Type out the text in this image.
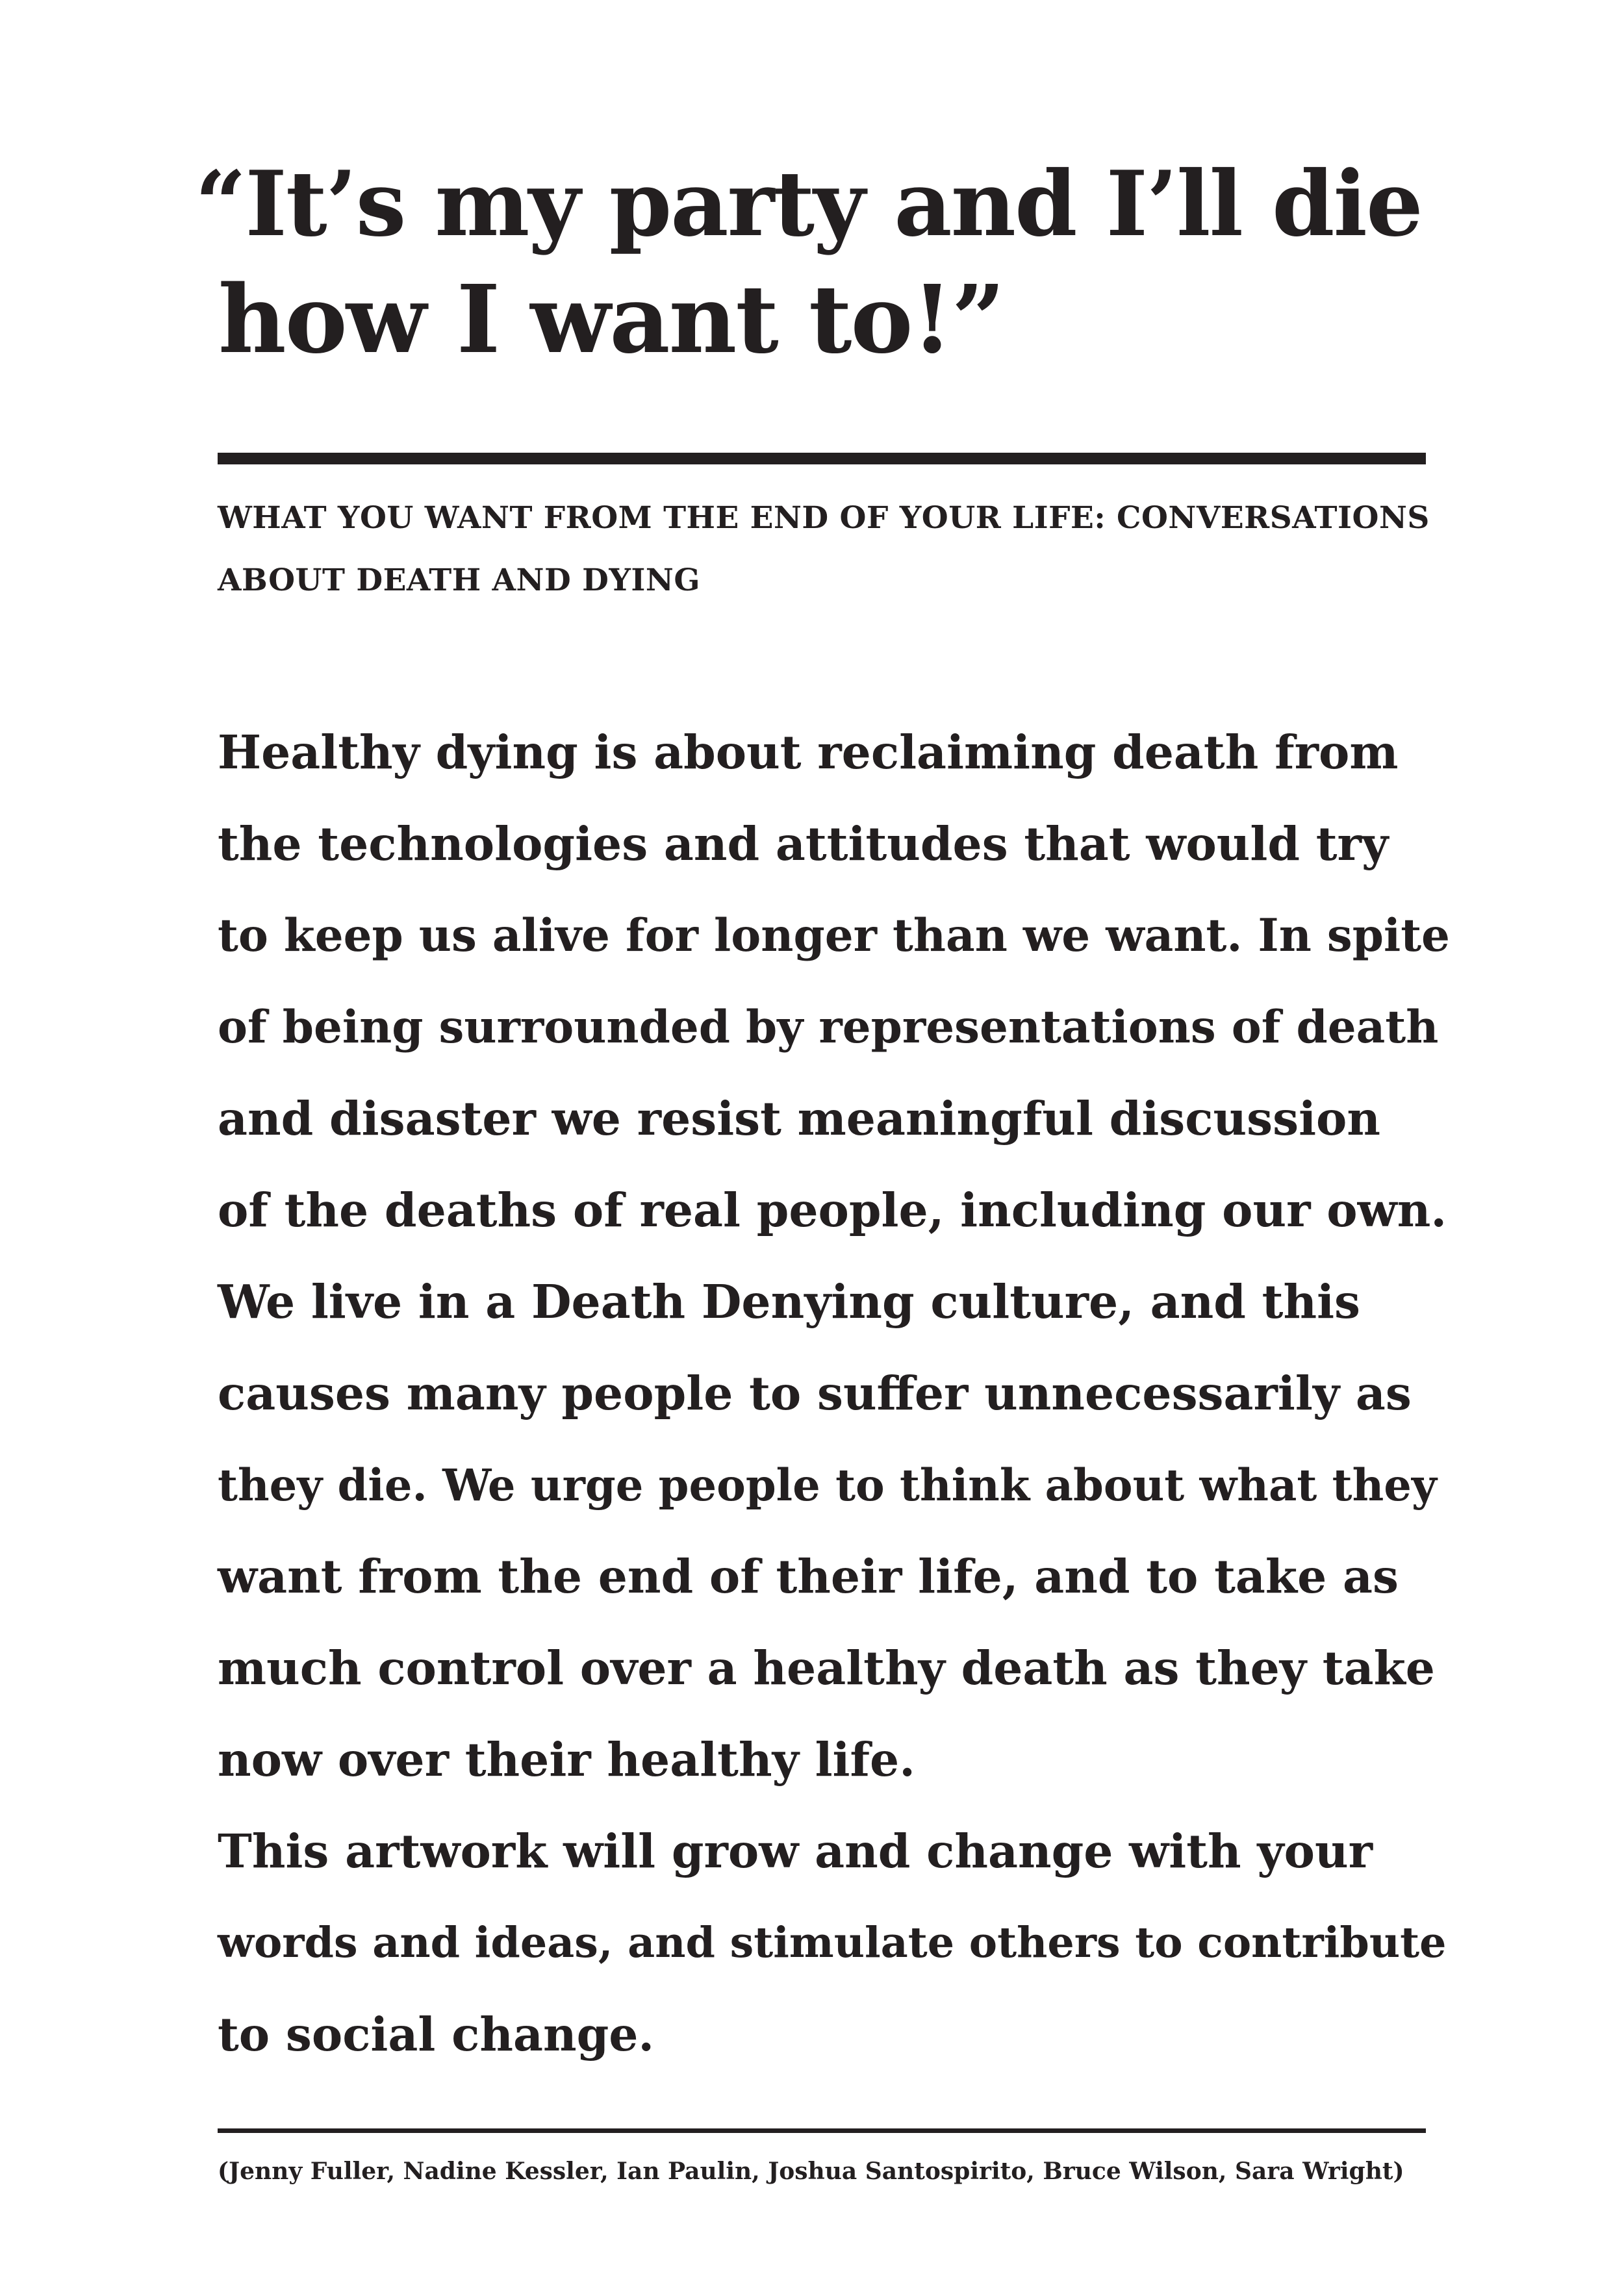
“It’s my party and I’ll die
how I want to!”
WHAT YOU WANT FROM THE END OF YOUR LIFE: CONVERSATIONS
ABOUT DEATH AND DYING
Healthy dying is about reclaiming death from
the technologies and attitudes that would try
to keep us alive for longer than we want. In spite
of being surrounded by representations of death
and disaster we resist meaningful discussion
of the deaths of real people, including our own.
We live in a Death Denying culture, and this
causes many people to suffer unnecessarily as
they die. We urge people to think about what they
want from the end of their life, and to take as
much control over a healthy death as they take
now over their healthy life.
This artwork will grow and change with your
words and ideas, and stimulate others to contribute
to social change.

(Jenny Fuller, Nadine Kessler, Ian Paulin, Joshua Santospirito, Bruce Wilson, Sara Wright)
